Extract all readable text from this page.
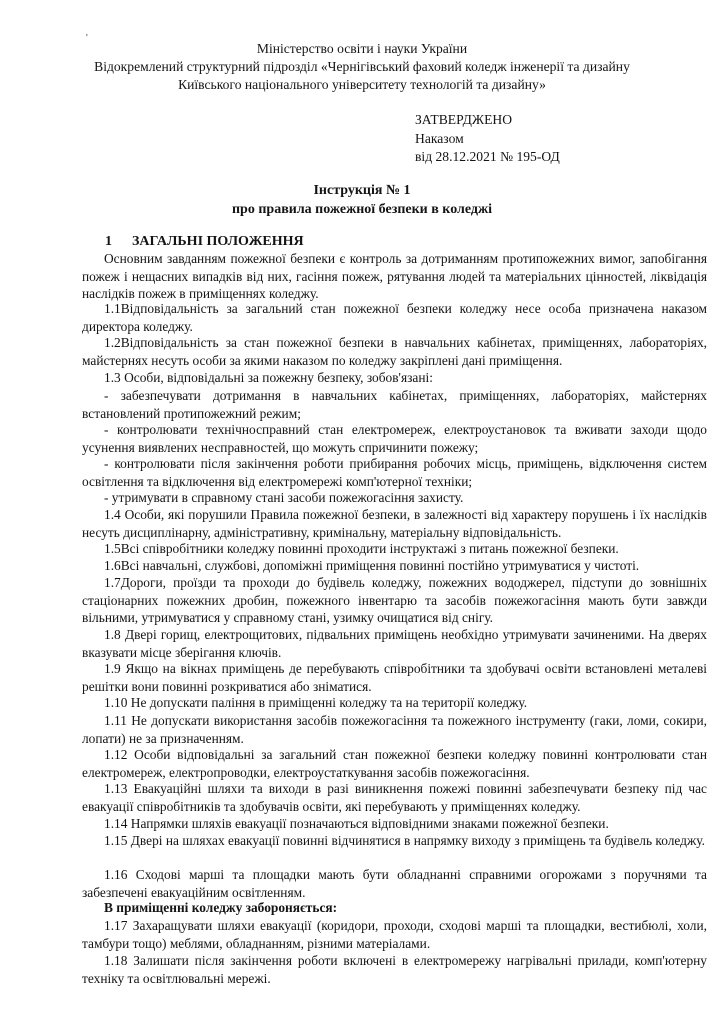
'
Міністерство освіти і науки України
Відокремлений структурний підрозділ «Чернігівський фаховий коледж інженерії та дизайну
Київського національного університету технологій та дизайну»
ЗАТВЕРДЖЕНО
Наказом
від 28.12.2021 № 195-ОД
Інструкція № 1
про правила пожежної безпеки в коледжі
1 ЗАГАЛЬНІ ПОЛОЖЕННЯ

Основним завданням пожежної безпеки є контроль за дотриманням протипожежних вимог, запобігання пожеж і нещасних випадків від них, гасіння пожеж, рятування людей та матеріальних цінностей, ліквідація наслідків пожеж в приміщеннях коледжу.

1.1Відповідальність за загальний стан пожежної безпеки коледжу несе особа призначена наказом директора коледжу.

1.2Відповідальність за стан пожежної безпеки в навчальних кабінетах, приміщеннях, лабораторіях, майстернях несуть особи за якими наказом по коледжу закріплені дані приміщення.

1.3 Особи, відповідальні за пожежну безпеку, зобов'язані:

- забезпечувати дотримання в навчальних кабінетах, приміщеннях, лабораторіях, майстернях встановлений протипожежний режим;

- контролювати технічносправний стан електромереж, електроустановок та вживати заходи щодо усунення виявлених несправностей, що можуть спричинити пожежу;

- контролювати після закінчення роботи прибирання робочих місць, приміщень, відключення систем освітлення та відключення від електромережі комп'ютерної техніки;

- утримувати в справному стані засоби пожежогасіння захисту.

1.4 Особи, які порушили Правила пожежної безпеки, в залежності від характеру порушень і їх наслідків несуть дисциплінарну, адміністративну, кримінальну, матеріальну відповідальність.

1.5Всі співробітники коледжу повинні проходити інструктажі з питань пожежної безпеки.

1.6Всі навчальні, службові, допоміжні приміщення повинні постійно утримуватися у чистоті.

1.7Дороги, проїзди та проходи до будівель коледжу, пожежних вододжерел, підступи до зовнішніх стаціонарних пожежних дробин, пожежного інвентарю та засобів пожежогасіння мають бути завжди вільними, утримуватися у справному стані, узимку очищатися від снігу.

1.8 Двері горищ, електрощитових, підвальних приміщень необхідно утримувати зачиненими. На дверях вказувати місце зберігання ключів.

1.9 Якщо на вікнах приміщень де перебувають співробітники та здобувачі освіти встановлені металеві решітки вони повинні розкриватися або зніматися.

1.10 Не допускати паління в приміщенні коледжу та на території коледжу.

1.11 Не допускати використання засобів пожежогасіння та пожежного інструменту (гаки, ломи, сокири, лопати) не за призначенням.

1.12 Особи відповідальні за загальний стан пожежної безпеки коледжу повинні контролювати стан електромереж, електропроводки, електроустаткування засобів пожежогасіння.

1.13 Евакуаційні шляхи та виходи в разі виникнення пожежі повинні забезпечувати безпеку під час евакуації співробітників та здобувачів освіти, які перебувають у приміщеннях коледжу.

1.14 Напрямки шляхів евакуації позначаються відповідними знаками пожежної безпеки.

1.15 Двері на шляхах евакуації повинні відчинятися в напрямку виходу з приміщень та будівель коледжу.

1.16 Сходові марші та площадки мають бути обладнанні справними огорожами з поручнями та забезпечені евакуаційним освітленням.

В приміщенні коледжу забороняється:

1.17 Захаращувати шляхи евакуації (коридори, проходи, сходові марші та площадки, вестибюлі, холи, тамбури тощо) меблями, обладнанням, різними матеріалами.

1.18 Залишати після закінчення роботи включені в електромережу нагрівальні прилади, комп'ютерну техніку та освітлювальні мережі.
